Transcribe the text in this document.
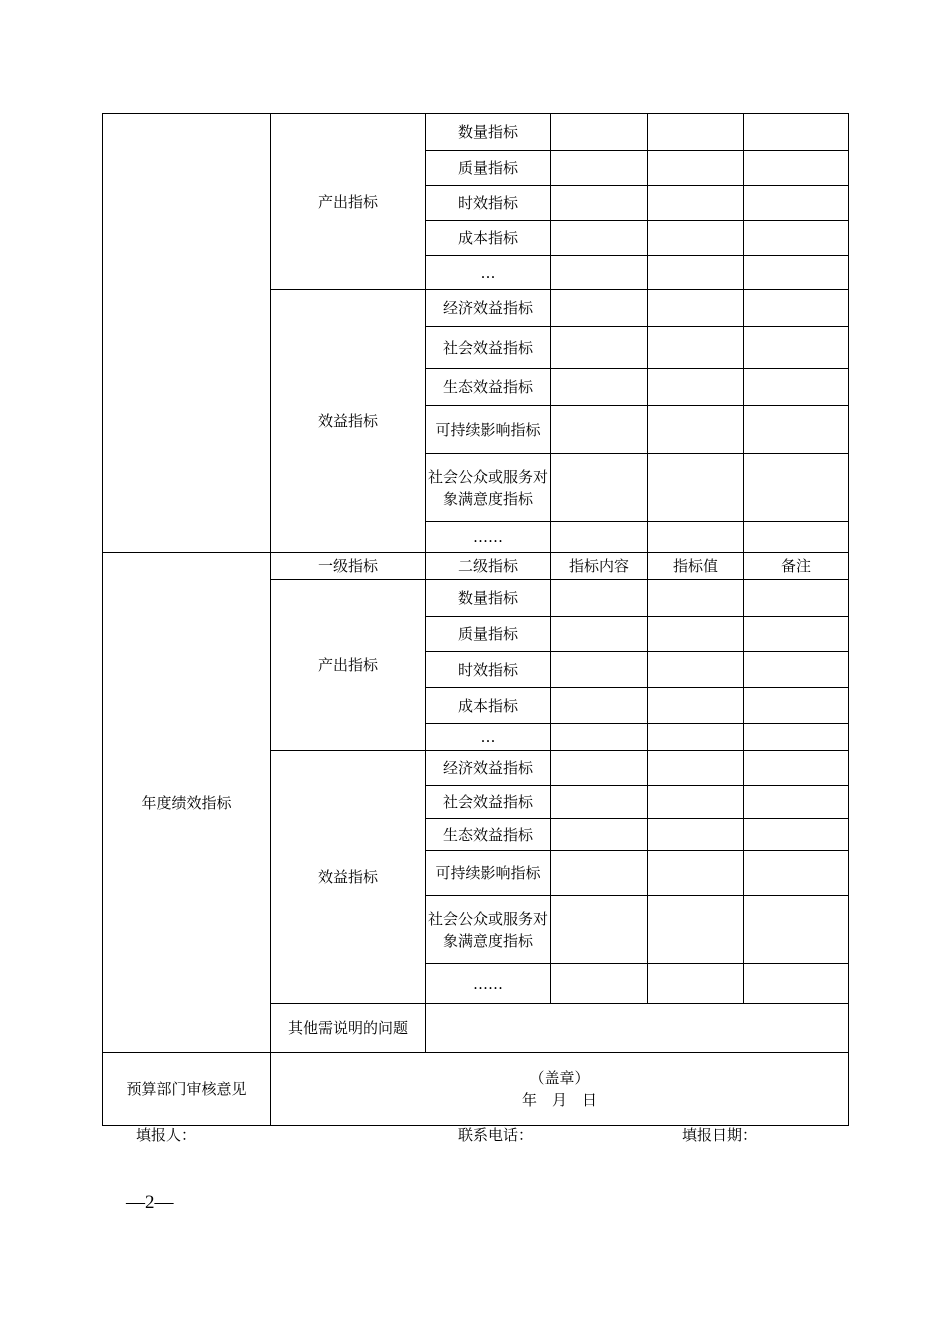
	产出指标	数量指标			
		质量指标			
		时效指标			
		成本指标			
		…			
	效益指标	经济效益指标			
		社会效益指标			
		生态效益指标			
		可持续影响指标			
		社会公众或服务对象满意度指标			
		……			
年度绩效指标	一级指标	二级指标	指标内容	指标值	备注
	产出指标	数量指标			
		质量指标			
		时效指标			
		成本指标			
		…			
	效益指标	经济效益指标			
		社会效益指标			
		生态效益指标			
		可持续影响指标			
		社会公众或服务对象满意度指标			
		……			
	其他需说明的问题				
预算部门审核意见	（盖章）
年　月　日				
填报人：	联系电话：	填报日期：
—2—
